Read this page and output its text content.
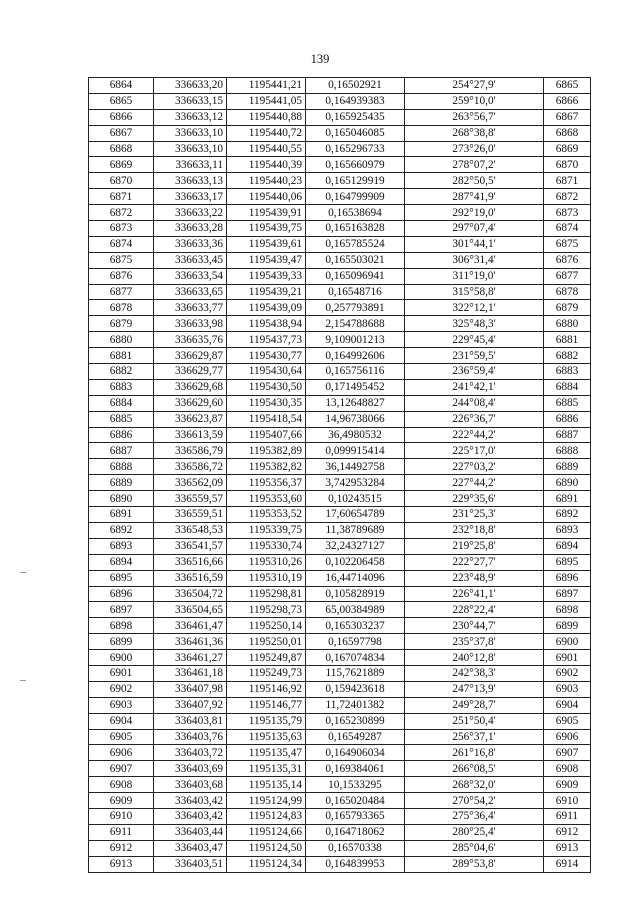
139
6864	336633,20	1195441,21	0,16502921	254°27,9'	6865
6865	336633,15	1195441,05	0,164939383	259°10,0'	6866
6866	336633,12	1195440,88	0,165925435	263°56,7'	6867
6867	336633,10	1195440,72	0,165046085	268°38,8'	6868
6868	336633,10	1195440,55	0,165296733	273°26,0'	6869
6869	336633,11	1195440,39	0,165660979	278°07,2'	6870
6870	336633,13	1195440,23	0,165129919	282°50,5'	6871
6871	336633,17	1195440,06	0,164799909	287°41,9'	6872
6872	336633,22	1195439,91	0,16538694	292°19,0'	6873
6873	336633,28	1195439,75	0,165163828	297°07,4'	6874
6874	336633,36	1195439,61	0,165785524	301°44,1'	6875
6875	336633,45	1195439,47	0,165503021	306°31,4'	6876
6876	336633,54	1195439,33	0,165096941	311°19,0'	6877
6877	336633,65	1195439,21	0,16548716	315°58,8'	6878
6878	336633,77	1195439,09	0,257793891	322°12,1'	6879
6879	336633,98	1195438,94	2,154788688	325°48,3'	6880
6880	336635,76	1195437,73	9,109001213	229°45,4'	6881
6881	336629,87	1195430,77	0,164992606	231°59,5'	6882
6882	336629,77	1195430,64	0,165756116	236°59,4'	6883
6883	336629,68	1195430,50	0,171495452	241°42,1'	6884
6884	336629,60	1195430,35	13,12648827	244°08,4'	6885
6885	336623,87	1195418,54	14,96738066	226°36,7'	6886
6886	336613,59	1195407,66	36,4980532	222°44,2'	6887
6887	336586,79	1195382,89	0,099915414	225°17,0'	6888
6888	336586,72	1195382,82	36,14492758	227°03,2'	6889
6889	336562,09	1195356,37	3,742953284	227°44,2'	6890
6890	336559,57	1195353,60	0,10243515	229°35,6'	6891
6891	336559,51	1195353,52	17,60654789	231°25,3'	6892
6892	336548,53	1195339,75	11,38789689	232°18,8'	6893
6893	336541,57	1195330,74	32,24327127	219°25,8'	6894
6894	336516,66	1195310,26	0,102206458	222°27,7'	6895
6895	336516,59	1195310,19	16,44714096	223°48,9'	6896
6896	336504,72	1195298,81	0,105828919	226°41,1'	6897
6897	336504,65	1195298,73	65,00384989	228°22,4'	6898
6898	336461,47	1195250,14	0,165303237	230°44,7'	6899
6899	336461,36	1195250,01	0,16597798	235°37,8'	6900
6900	336461,27	1195249,87	0,167074834	240°12,8'	6901
6901	336461,18	1195249,73	115,7621889	242°38,3'	6902
6902	336407,98	1195146,92	0,159423618	247°13,9'	6903
6903	336407,92	1195146,77	11,72401382	249°28,7'	6904
6904	336403,81	1195135,79	0,165230899	251°50,4'	6905
6905	336403,76	1195135,63	0,16549287	256°37,1'	6906
6906	336403,72	1195135,47	0,164906034	261°16,8'	6907
6907	336403,69	1195135,31	0,169384061	266°08,5'	6908
6908	336403,68	1195135,14	10,1533295	268°32,0'	6909
6909	336403,42	1195124,99	0,165020484	270°54,2'	6910
6910	336403,42	1195124,83	0,165793365	275°36,4'	6911
6911	336403,44	1195124,66	0,164718062	280°25,4'	6912
6912	336403,47	1195124,50	0,16570338	285°04,6'	6913
6913	336403,51	1195124,34	0,164839953	289°53,8'	6914
